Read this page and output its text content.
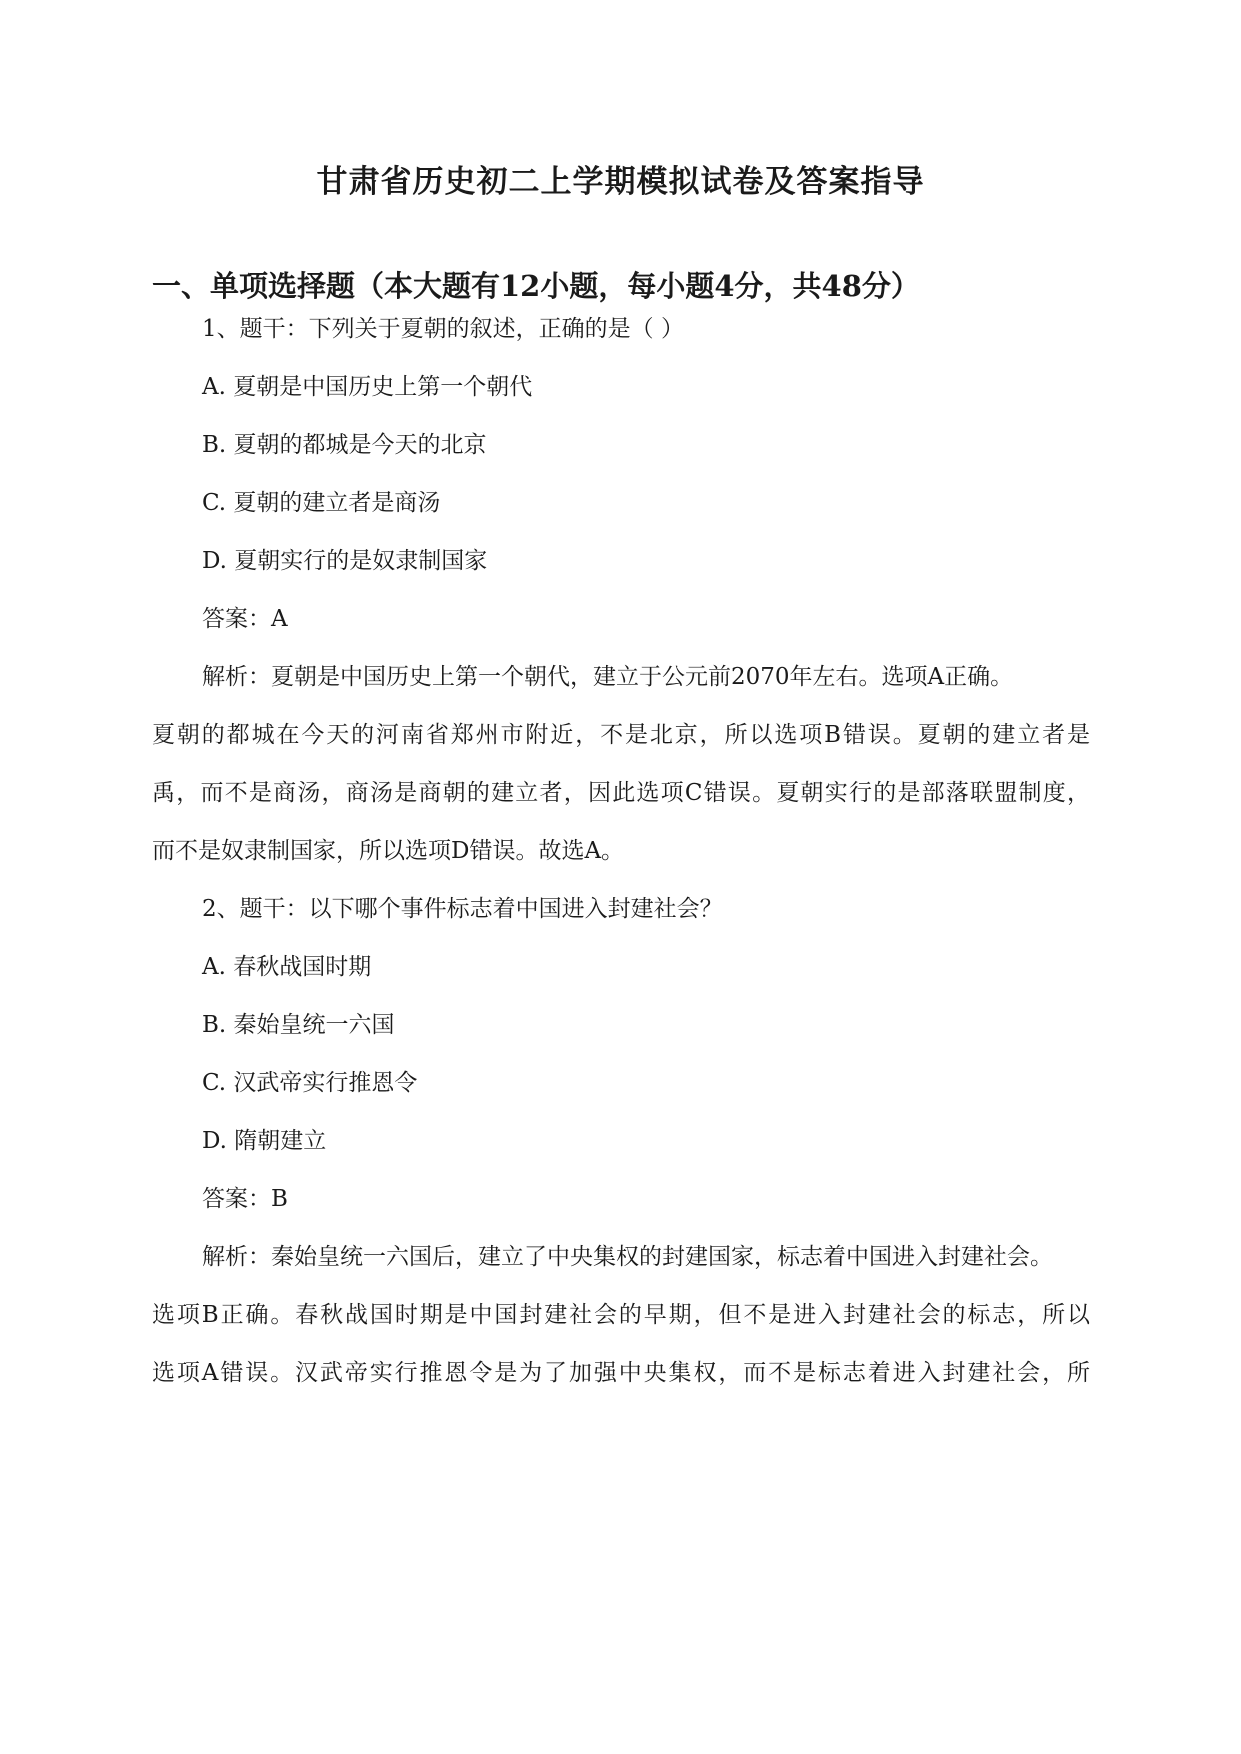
甘肃省历史初二上学期模拟试卷及答案指导
一、单项选择题（本大题有12小题，每小题4分，共48分）
1、题干：下列关于夏朝的叙述，正确的是（ ）
A. 夏朝是中国历史上第一个朝代
B. 夏朝的都城是今天的北京
C. 夏朝的建立者是商汤
D. 夏朝实行的是奴隶制国家
答案：A
解析：夏朝是中国历史上第一个朝代，建立于公元前2070年左右。选项A正确。
夏朝的都城在今天的河南省郑州市附近，不是北京，所以选项B错误。夏朝的建立者是
禹，而不是商汤，商汤是商朝的建立者，因此选项C错误。夏朝实行的是部落联盟制度，
而不是奴隶制国家，所以选项D错误。故选A。
2、题干：以下哪个事件标志着中国进入封建社会？
A. 春秋战国时期
B. 秦始皇统一六国
C. 汉武帝实行推恩令
D. 隋朝建立
答案：B
解析：秦始皇统一六国后，建立了中央集权的封建国家，标志着中国进入封建社会。
选项B正确。春秋战国时期是中国封建社会的早期，但不是进入封建社会的标志，所以
选项A错误。汉武帝实行推恩令是为了加强中央集权，而不是标志着进入封建社会，所
